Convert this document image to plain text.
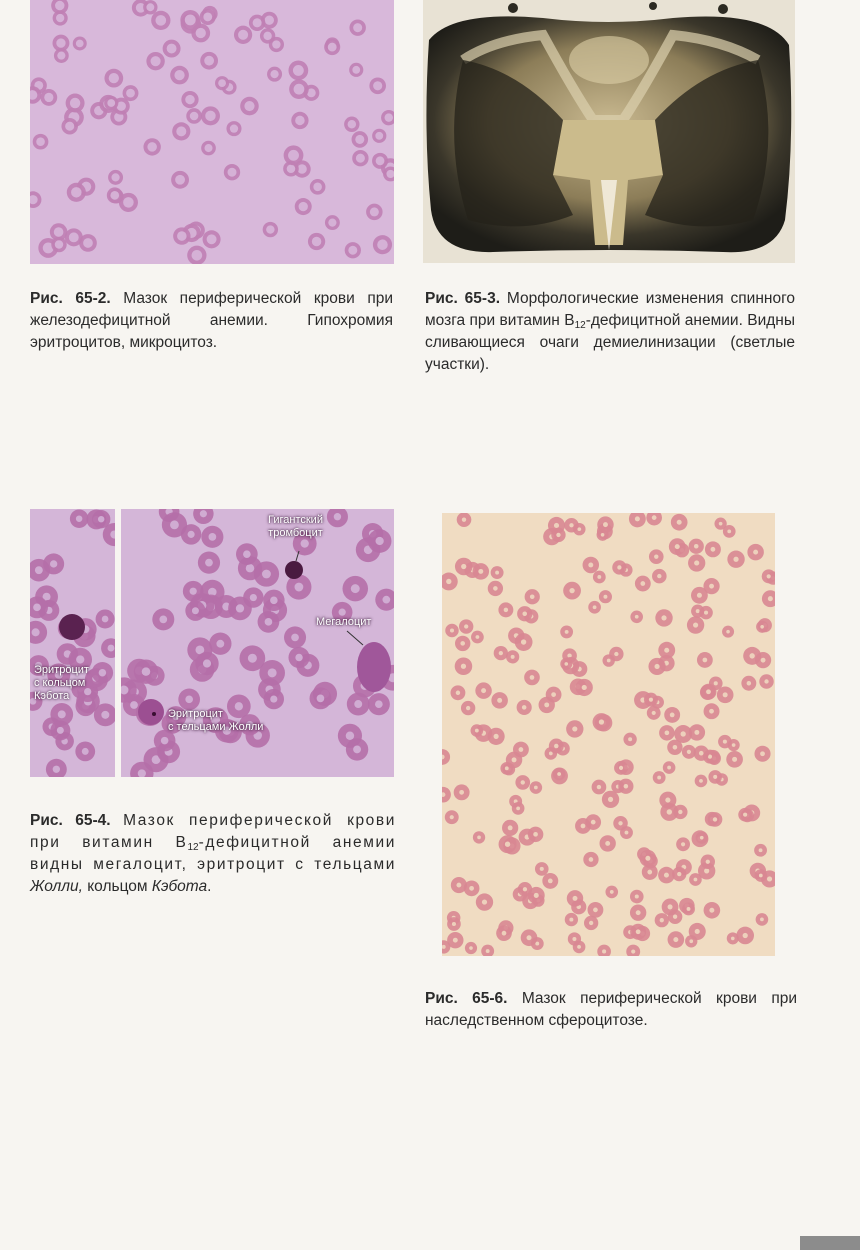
Рис. 65-2. Мазок периферической крови при железодефицитной анемии. Гипохромия эритроцитов, микроцитоз.
Рис. 65-3. Морфологические изменения спинного мозга при витамин $В_{12}$-дефицитной анемии. Видны сливающиеся очаги демиелинизации (светлые участки).
Гигантский
тромбоцит
Мегалоцит
Эритроцит
с кольцом
Кэбота
Эритроцит
с тельцами Жолли
Рис. 65-4. Мазок периферической крови при витамин $В_{12}$-дефицитной анемии видны мегалоцит, эритроцит с тельцами Жолли, кольцом Кэбота.
Рис. 65-6. Мазок периферической крови при наследственном сфероцитозе.
